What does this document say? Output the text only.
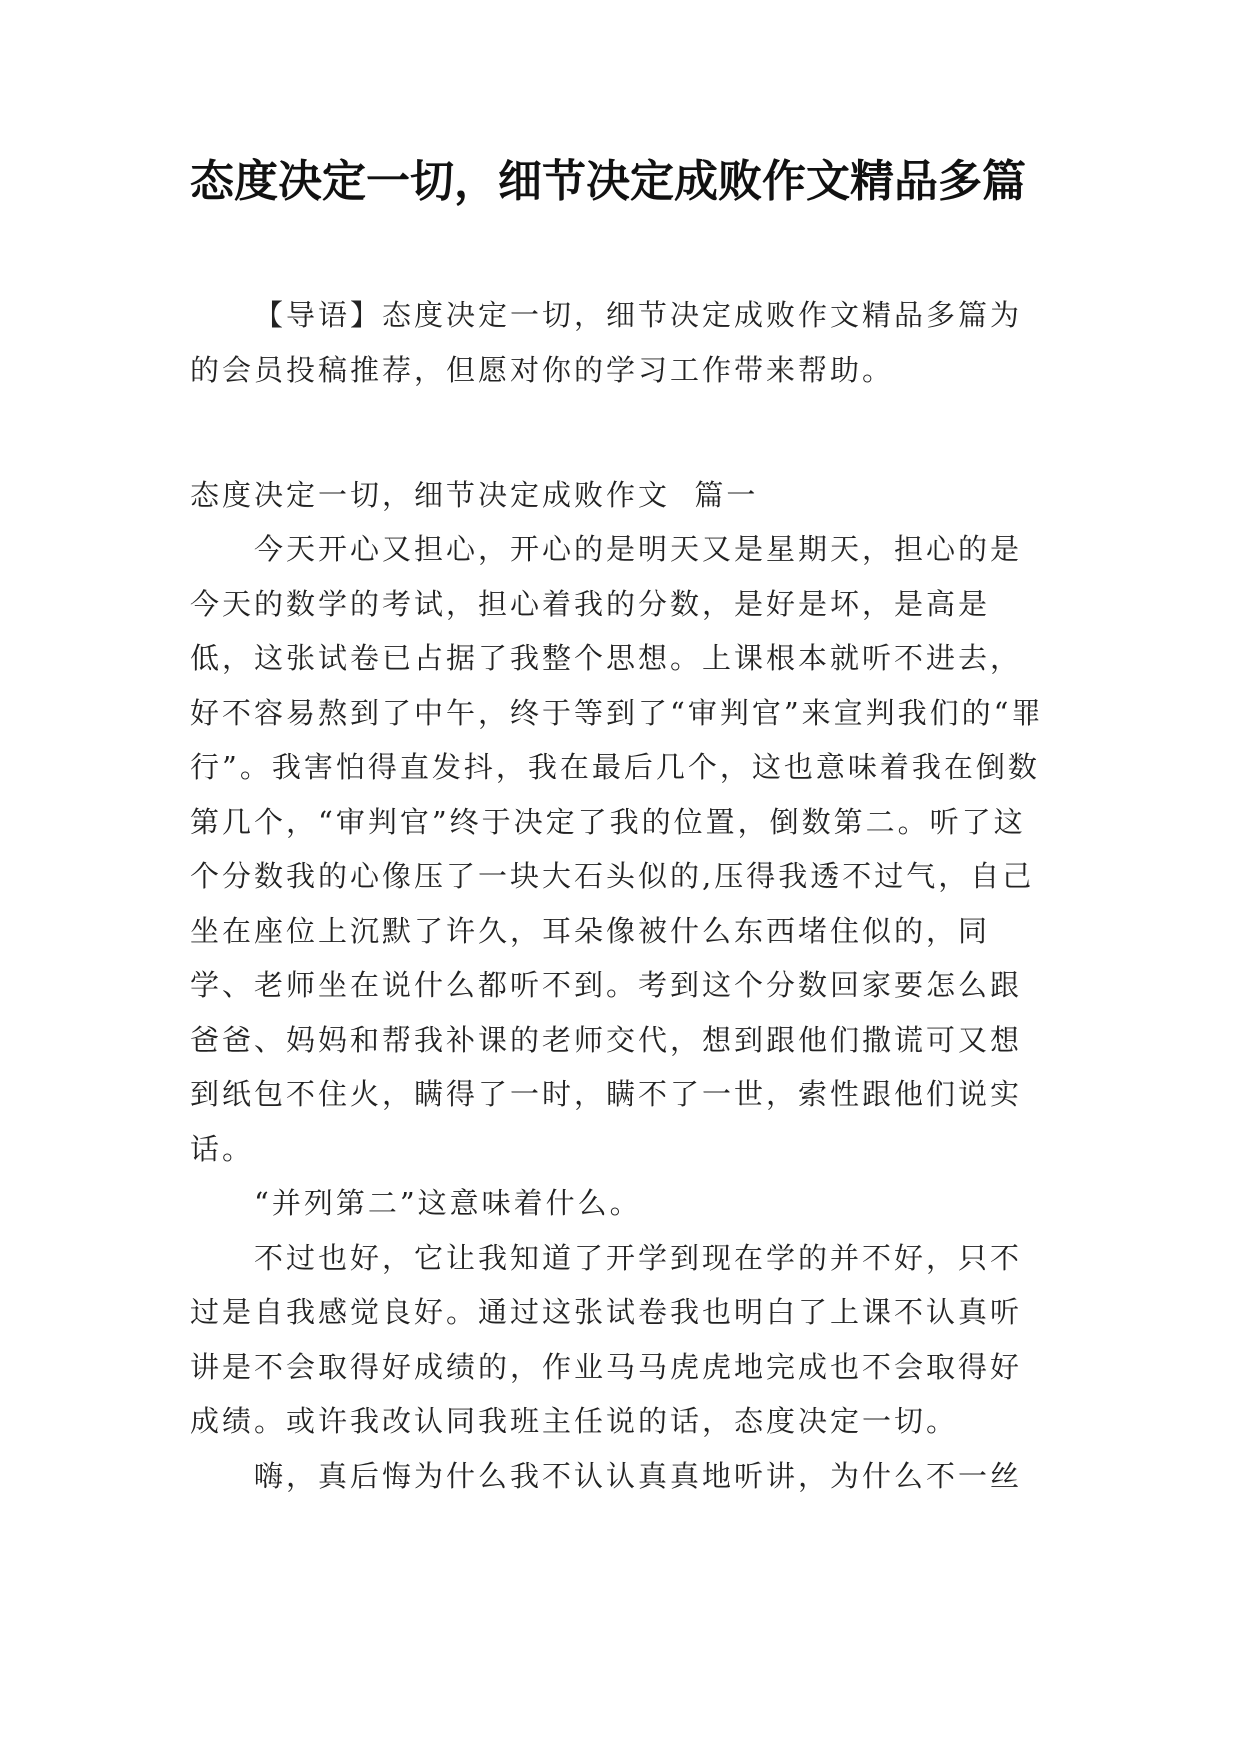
态度决定一切，细节决定成败作文精品多篇

【导语】态度决定一切，细节决定成败作文精品多篇为的会员投稿推荐，但愿对你的学习工作带来帮助。

态度决定一切，细节决定成败作文  篇一

今天开心又担心，开心的是明天又是星期天，担心的是今天的数学的考试，担心着我的分数，是好是坏，是高是低，这张试卷已占据了我整个思想。上课根本就听不进去，好不容易熬到了中午，终于等到了“审判官”来宣判我们的“罪行”。我害怕得直发抖，我在最后几个，这也意味着我在倒数第几个，“审判官”终于决定了我的位置，倒数第二。听了这个分数我的心像压了一块大石头似的,压得我透不过气，自己坐在座位上沉默了许久，耳朵像被什么东西堵住似的，同学、老师坐在说什么都听不到。考到这个分数回家要怎么跟爸爸、妈妈和帮我补课的老师交代，想到跟他们撒谎可又想到纸包不住火，瞒得了一时，瞒不了一世，索性跟他们说实话。

“并列第二”这意味着什么。

不过也好，它让我知道了开学到现在学的并不好，只不过是自我感觉良好。通过这张试卷我也明白了上课不认真听讲是不会取得好成绩的，作业马马虎虎地完成也不会取得好成绩。或许我改认同我班主任说的话，态度决定一切。

嗨，真后悔为什么我不认认真真地听讲，为什么不一丝
